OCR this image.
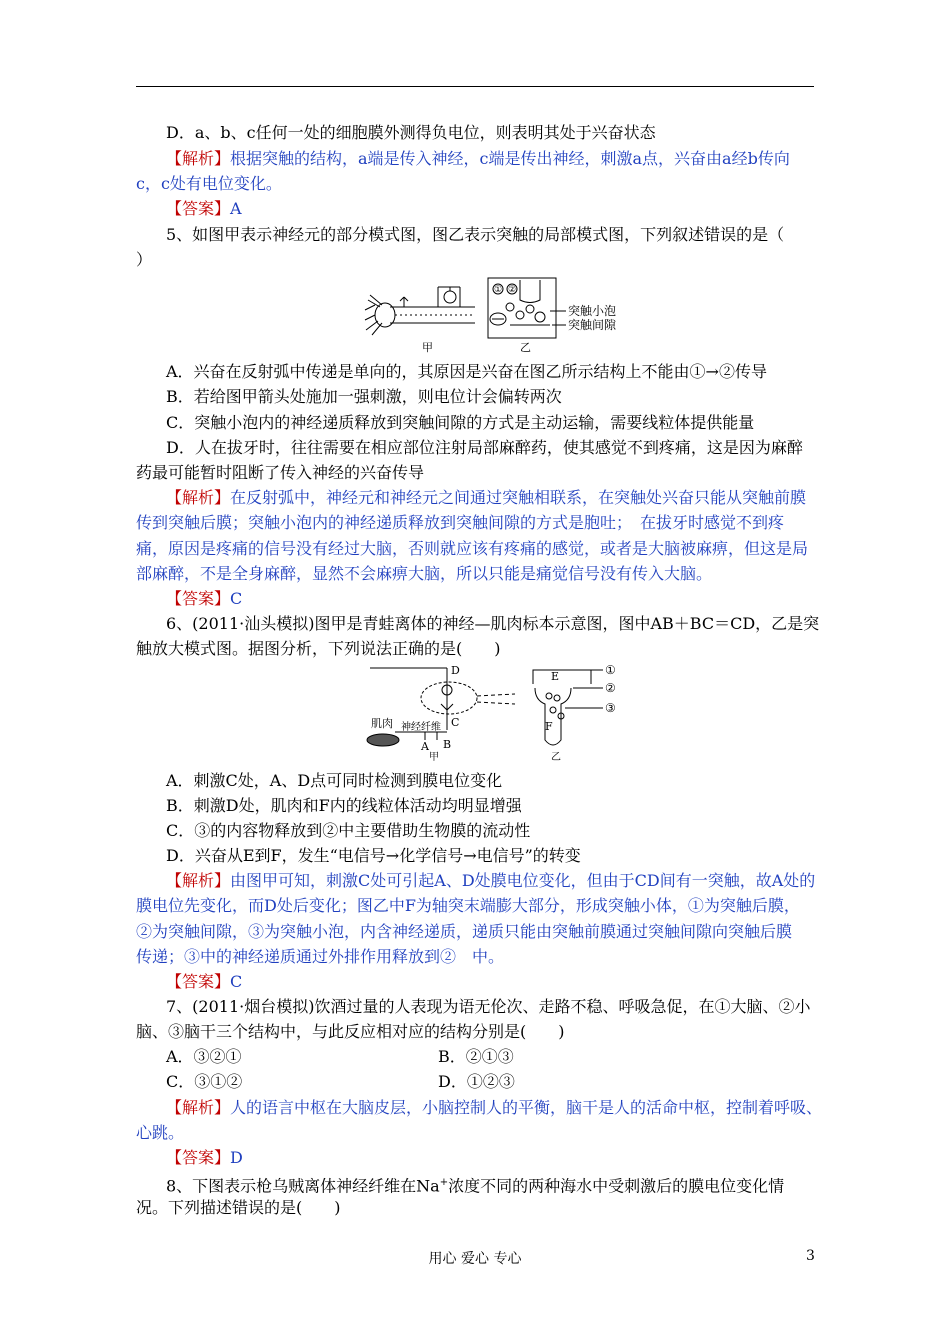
D．a、b、c任何一处的细胞膜外测得负电位，则表明其处于兴奋状态
【解析】根据突触的结构，a端是传入神经，c端是传出神经，刺激a点，兴奋由a经b传向
c，c处有电位变化。
【答案】A
5、如图甲表示神经元的部分模式图，图乙表示突触的局部模式图，下列叙述错误的是（
）
① ②
突触小泡
突触间隙
甲	乙
A．兴奋在反射弧中传递是单向的，其原因是兴奋在图乙所示结构上不能由①→②传导
B．若给图甲箭头处施加一强刺激，则电位计会偏转两次
C．突触小泡内的神经递质释放到突触间隙的方式是主动运输，需要线粒体提供能量
D．人在拔牙时，往往需要在相应部位注射局部麻醉药，使其感觉不到疼痛，这是因为麻醉
药最可能暂时阻断了传入神经的兴奋传导
【解析】在反射弧中，神经元和神经元之间通过突触相联系，在突触处兴奋只能从突触前膜
传到突触后膜；突触小泡内的神经递质释放到突触间隙的方式是胞吐；　在拔牙时感觉不到疼
痛，原因是疼痛的信号没有经过大脑，否则就应该有疼痛的感觉，或者是大脑被麻痹，但这是局
部麻醉，不是全身麻醉，显然不会麻痹大脑，所以只能是痛觉信号没有传入大脑。
【答案】C
6、(2011·汕头模拟)图甲是青蛙离体的神经—肌肉标本示意图，图中AB＋BC＝CD，乙是突
触放大模式图。据图分析，下列说法正确的是(　　)
肌肉 神经纤维
D
C
A B
甲
E
F
乙
①
②
③
A．刺激C处，A、D点可同时检测到膜电位变化
B．刺激D处，肌肉和F内的线粒体活动均明显增强
C．③的内容物释放到②中主要借助生物膜的流动性
D．兴奋从E到F，发生“电信号→化学信号→电信号”的转变
【解析】由图甲可知，刺激C处可引起A、D处膜电位变化，但由于CD间有一突触，故A处的
膜电位先变化，而D处后变化；图乙中F为轴突末端膨大部分，形成突触小体，①为突触后膜，
②为突触间隙，③为突触小泡，内含神经递质，递质只能由突触前膜通过突触间隙向突触后膜
传递；③中的神经递质通过外排作用释放到②　中。
【答案】C
7、(2011·烟台模拟)饮酒过量的人表现为语无伦次、走路不稳、呼吸急促，在①大脑、②小
脑、③脑干三个结构中，与此反应相对应的结构分别是(　　)
A．③②①	B．②①③
C．③①②	D．①②③
【解析】人的语言中枢在大脑皮层，小脑控制人的平衡，脑干是人的活命中枢，控制着呼吸、
心跳。
【答案】D
8、下图表示枪乌贼离体神经纤维在Na+浓度不同的两种海水中受刺激后的膜电位变化情
况。下列描述错误的是(　　)
用心 爱心 专心	3
